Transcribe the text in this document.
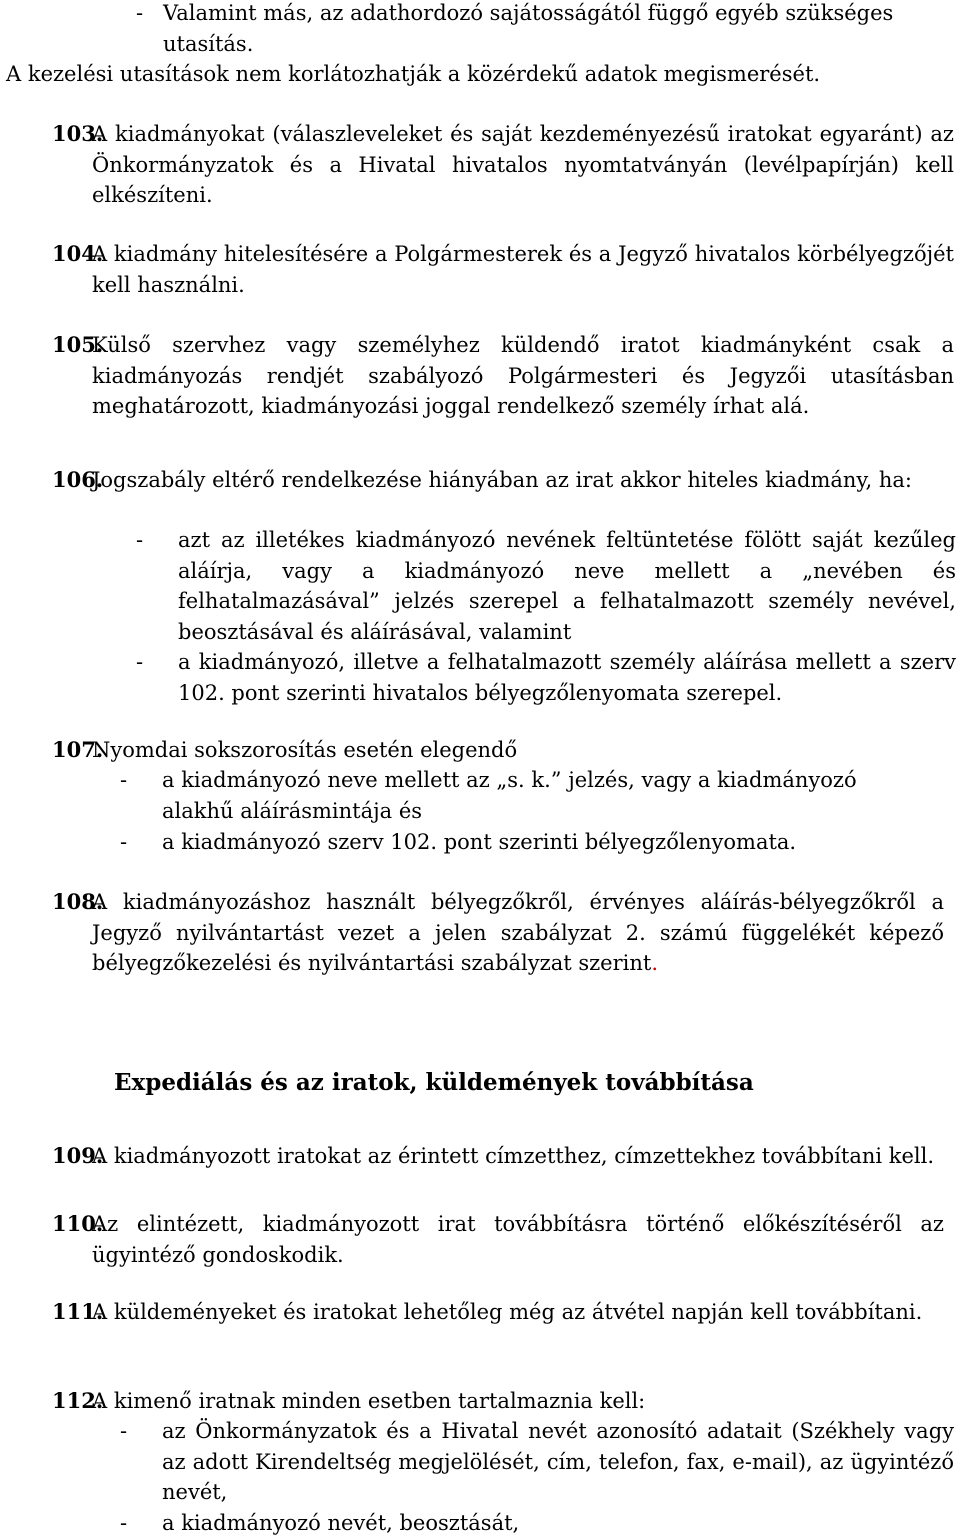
- Valamint más, az adathordozó sajátosságától függő egyéb szükséges
utasítás.
A kezelési utasítások nem korlátozhatják a közérdekű adatok megismerését.
103.
A kiadmányokat (válaszleveleket és saját kezdeményezésű iratokat egyaránt) az Önkormányzatok és a Hivatal hivatalos nyomtatványán (levélpapírján) kell elkészíteni.
104.
A kiadmány hitelesítésére a Polgármesterek és a Jegyző hivatalos körbélyegzőjét kell használni.
105.
Külső szervhez vagy személyhez küldendő iratot kiadmányként csak a kiadmányozás rendjét szabályozó Polgármesteri és Jegyzői utasításban meghatározott, kiadmányozási joggal rendelkező személy írhat alá.
106.
Jogszabály eltérő rendelkezése hiányában az irat akkor hiteles kiadmány, ha:
- azt az illetékes kiadmányozó nevének feltüntetése fölött saját kezűleg aláírja, vagy a kiadmányozó neve mellett a „nevében és felhatalmazásával” jelzés szerepel a felhatalmazott személy nevével, beosztásával és aláírásával, valamint
- a kiadmányozó, illetve a felhatalmazott személy aláírása mellett a szerv 102. pont szerinti hivatalos bélyegzőlenyomata szerepel.
107.
Nyomdai sokszorosítás esetén elegendő
- a kiadmányozó neve mellett az „s. k.” jelzés, vagy a kiadmányozó alakhű aláírásmintája és
- a kiadmányozó szerv 102. pont szerinti bélyegzőlenyomata.
108.
A kiadmányozáshoz használt bélyegzőkről, érvényes aláírás-bélyegzőkről a Jegyző nyilvántartást vezet a jelen szabályzat 2. számú függelékét képező bélyegzőkezelési és nyilvántartási szabályzat szerint.
Expediálás és az iratok, küldemények továbbítása
109.
A kiadmányozott iratokat az érintett címzetthez, címzettekhez továbbítani kell.
110.
Az elintézett, kiadmányozott irat továbbításra történő előkészítéséről az ügyintéző gondoskodik.
111.
A küldeményeket és iratokat lehetőleg még az átvétel napján kell továbbítani.
112.
A kimenő iratnak minden esetben tartalmaznia kell:
- az Önkormányzatok és a Hivatal nevét azonosító adatait (Székhely vagy az adott Kirendeltség megjelölését, cím, telefon, fax, e-mail), az ügyintéző nevét,
- a kiadmányozó nevét, beosztását,
